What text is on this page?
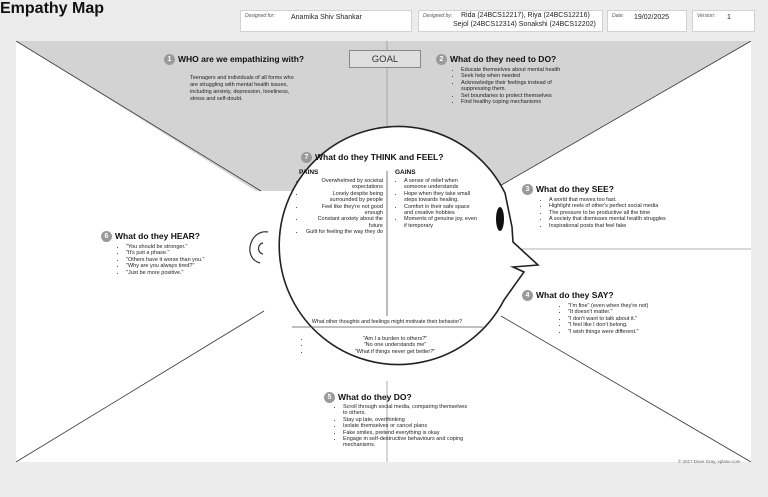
Empathy Map	Designed for: Anamika Shiv Shankar	Designed by: Rida (24BCS12217), Riya (24BCS12216)
Sejol (24BCS12314) Sonakshi (24BCS12202)
Date: 19/02/2025	Version: 1
GOAL
1 WHO are we empathizing with?
Teenagers and individuals of all forms who are struggling with mental health issues, including anxiety, depression, loneliness, stress and self-doubt.
2 What do they need to DO?
• Educate themselves about mental health
• Seek help when needed
• Acknowledge their feelings instead of suppressing them.
• Set boundaries to protect themselves
• Find healthy coping mechanisms
7 What do they THINK and FEEL?
PAINS
• Overwhelmed by societal expectations
• Lonely despite being surrounded by people
• Feel like they're not good enough
• Constant anxiety about the future
• Guilt for feeling the way they do
GAINS
• A sense of relief when someone understands
• Hope when they take small steps towards healing.
• Comfort in their safe space and creative hobbies
• Moments of genuine joy, even if temporary
What other thoughts and feelings might motivate their behavior?
• "Am I a burden to others?"
• "No one understands me"
• "What if things never get better?"
3 What do they SEE?
• A world that moves too fast.
• Highlight reels of other's perfect social media
• The pressure to be productive all the time
• A society that dismisses mental health struggles
• Inspirational posts that feel fake
6 What do they HEAR?
• "You should be stronger."
• "It's just a phase."
• "Others have it worse than you."
• "Why are you always tired?"
• "Just be more positive."
4 What do they SAY?
• "I'm fine" (even when they're not)
• "It doesn't matter."
• "I don't want to talk about it."
• "I feel like I don't belong.
• "I wish things were different."
5 What do they DO?
• Scroll through social media, comparing themselves to others.
• Stay up late, overthinking
• Isolate themselves or cancel plans
• Fake smiles, pretend everything is okay
• Engage in self-destructive behaviours and coping mechanisms.
© 2017 Dave Gray, xplane.com
